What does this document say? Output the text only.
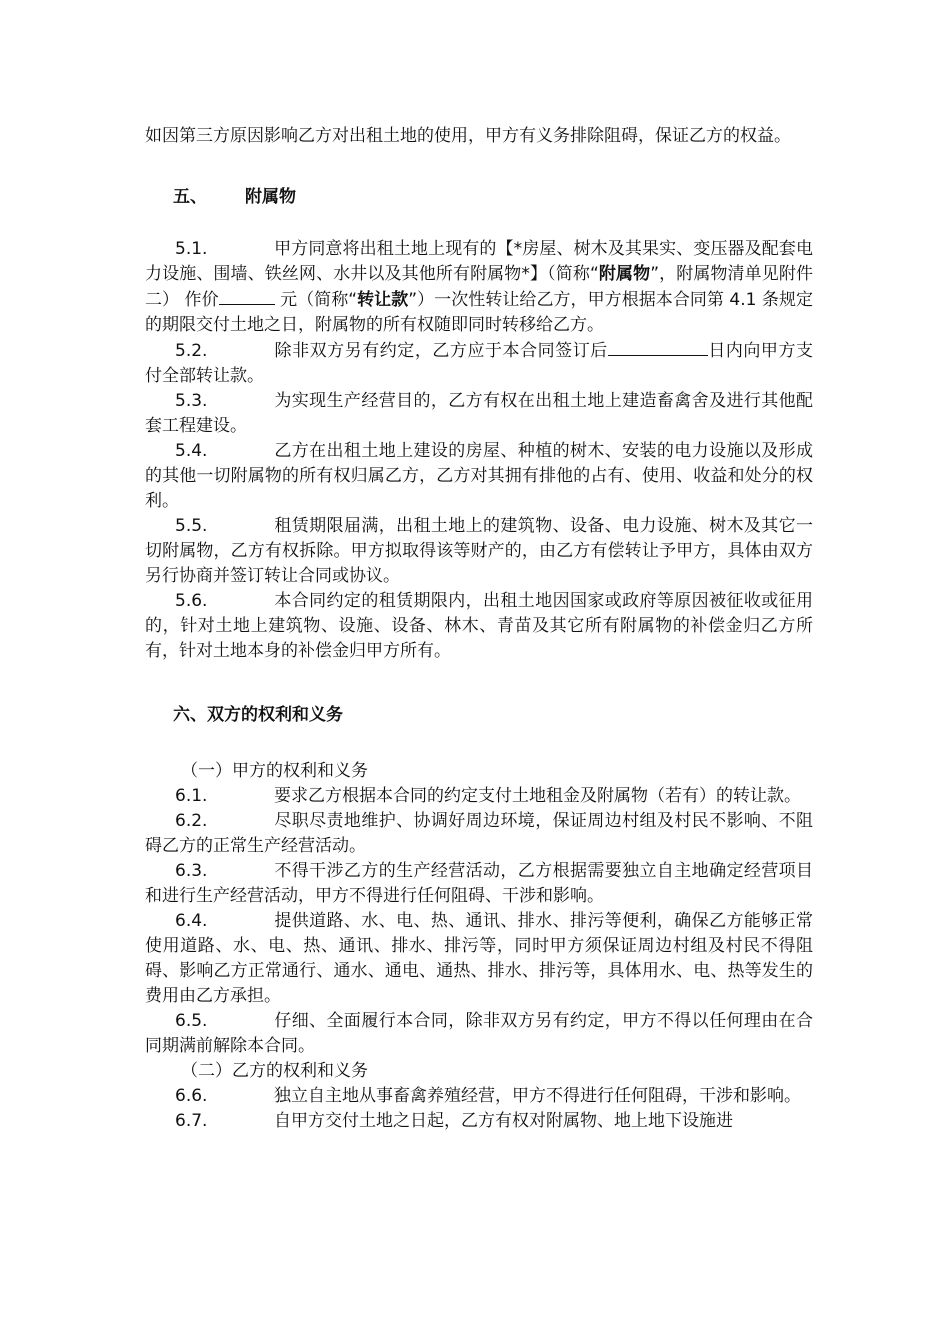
如因第三方原因影响乙方对出租土地的使用，甲方有义务排除阻碍，保证乙方的权益。

五、 附属物

5.1.	甲方同意将出租土地上现有的【*房屋、树木及其果实、变压器及配套电力设施、围墙、铁丝网、水井以及其他所有附属物*】（简称“附属物”，附属物清单见附件二） 作价	元（简称“转让款”）一次性转让给乙方，甲方根据本合同第 4.1 条规定的期限交付土地之日，附属物的所有权随即同时转移给乙方。

5.2.	除非双方另有约定，乙方应于本合同签订后	日内向甲方支付全部转让款。

5.3.	为实现生产经营目的，乙方有权在出租土地上建造畜禽舍及进行其他配套工程建设。

5.4.	乙方在出租土地上建设的房屋、种植的树木、安装的电力设施以及形成的其他一切附属物的所有权归属乙方，乙方对其拥有排他的占有、使用、收益和处分的权利。

5.5.	租赁期限届满，出租土地上的建筑物、设备、电力设施、树木及其它一切附属物，乙方有权拆除。甲方拟取得该等财产的，由乙方有偿转让予甲方，具体由双方另行协商并签订转让合同或协议。

5.6.	本合同约定的租赁期限内，出租土地因国家或政府等原因被征收或征用的，针对土地上建筑物、设施、设备、林木、青苗及其它所有附属物的补偿金归乙方所有，针对土地本身的补偿金归甲方所有。

六、双方的权利和义务

（一）甲方的权利和义务

6.1.	要求乙方根据本合同的约定支付土地租金及附属物（若有）的转让款。

6.2.	尽职尽责地维护、协调好周边环境，保证周边村组及村民不影响、不阻碍乙方的正常生产经营活动。

6.3.	不得干涉乙方的生产经营活动，乙方根据需要独立自主地确定经营项目和进行生产经营活动，甲方不得进行任何阻碍、干涉和影响。

6.4.	提供道路、水、电、热、通讯、排水、排污等便利，确保乙方能够正常使用道路、水、电、热、通讯、排水、排污等，同时甲方须保证周边村组及村民不得阻碍、影响乙方正常通行、通水、通电、通热、排水、排污等，具体用水、电、热等发生的费用由乙方承担。

6.5.	仔细、全面履行本合同，除非双方另有约定，甲方不得以任何理由在合同期满前解除本合同。

（二）乙方的权利和义务

6.6.	独立自主地从事畜禽养殖经营，甲方不得进行任何阻碍，干涉和影响。

6.7.	自甲方交付土地之日起，乙方有权对附属物、地上地下设施进
